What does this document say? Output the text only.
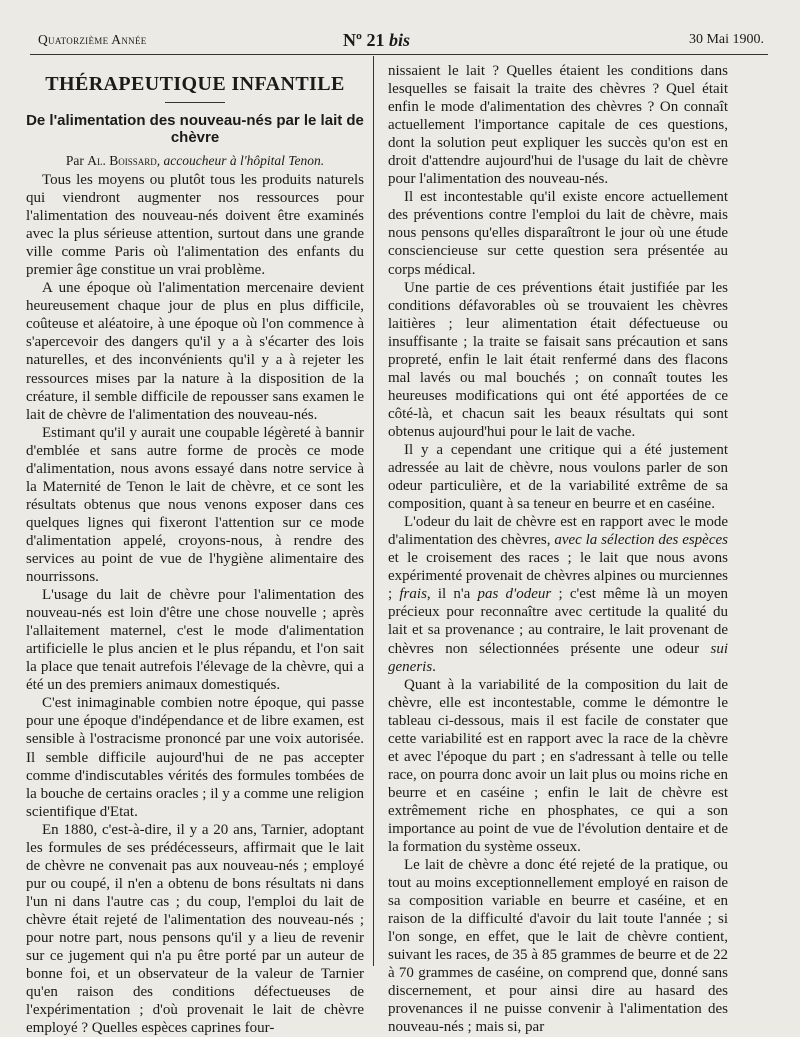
Quatorzième Année	Nº 21 bis	30 Mai 1900.
THÉRAPEUTIQUE INFANTILE
De l'alimentation des nouveau-nés par le lait de chèvre
Par Al. Boissard, accoucheur à l'hôpital Tenon.

Tous les moyens ou plutôt tous les produits naturels qui viendront augmenter nos ressources pour l'alimentation des nouveau-nés doivent être examinés avec la plus sérieuse attention, surtout dans une grande ville comme Paris où l'alimentation des enfants du premier âge constitue un vrai problème.

A une époque où l'alimentation mercenaire devient heureusement chaque jour de plus en plus difficile, coûteuse et aléatoire, à une époque où l'on commence à s'apercevoir des dangers qu'il y a à s'écarter des lois naturelles, et des inconvénients qu'il y a à rejeter les ressources mises par la nature à la disposition de la créature, il semble difficile de repousser sans examen le lait de chèvre de l'alimentation des nouveau-nés.

Estimant qu'il y aurait une coupable légèreté à bannir d'emblée et sans autre forme de procès ce mode d'alimentation, nous avons essayé dans notre service à la Maternité de Tenon le lait de chèvre, et ce sont les résultats obtenus que nous venons exposer dans ces quelques lignes qui fixeront l'attention sur ce mode d'alimentation appelé, croyons-nous, à rendre des services au point de vue de l'hygiène alimentaire des nourrissons.

L'usage du lait de chèvre pour l'alimentation des nouveau-nés est loin d'être une chose nouvelle ; après l'allaitement maternel, c'est le mode d'alimentation artificielle le plus ancien et le plus répandu, et l'on sait la place que tenait autrefois l'élevage de la chèvre, qui a été un des premiers animaux domestiqués.

C'est inimaginable combien notre époque, qui passe pour une époque d'indépendance et de libre examen, est sensible à l'ostracisme prononcé par une voix autorisée. Il semble difficile aujourd'hui de ne pas accepter comme d'indiscutables vérités des formules tombées de la bouche de certains oracles ; il y a comme une religion scientifique d'Etat.

En 1880, c'est-à-dire, il y a 20 ans, Tarnier, adoptant les formules de ses prédécesseurs, affirmait que le lait de chèvre ne convenait pas aux nouveau-nés ; employé pur ou coupé, il n'en a obtenu de bons résultats ni dans l'un ni dans l'autre cas ; du coup, l'emploi du lait de chèvre était rejeté de l'alimentation des nouveau-nés ; pour notre part, nous pensons qu'il y a lieu de revenir sur ce jugement qui n'a pu être porté par un auteur de bonne foi, et un observateur de la valeur de Tarnier qu'en raison des conditions défectueuses de l'expérimentation ; d'où provenait le lait de chèvre employé ? Quelles espèces caprines four-

nissaient le lait ? Quelles étaient les conditions dans lesquelles se faisait la traite des chèvres ? Quel était enfin le mode d'alimentation des chèvres ? On connaît actuellement l'importance capitale de ces questions, dont la solution peut expliquer les succès qu'on est en droit d'attendre aujourd'hui de l'usage du lait de chèvre pour l'alimentation des nouveau-nés.

Il est incontestable qu'il existe encore actuellement des préventions contre l'emploi du lait de chèvre, mais nous pensons qu'elles disparaîtront le jour où une étude consciencieuse sur cette question sera présentée au corps médical.

Une partie de ces préventions était justifiée par les conditions défavorables où se trouvaient les chèvres laitières ; leur alimentation était défectueuse ou insuffisante ; la traite se faisait sans précaution et sans propreté, enfin le lait était renfermé dans des flacons mal lavés ou mal bouchés ; on connaît toutes les heureuses modifications qui ont été apportées de ce côté-là, et chacun sait les beaux résultats qui sont obtenus aujourd'hui pour le lait de vache.

Il y a cependant une critique qui a été justement adressée au lait de chèvre, nous voulons parler de son odeur particulière, et de la variabilité extrême de sa composition, quant à sa teneur en beurre et en caséine.

L'odeur du lait de chèvre est en rapport avec le mode d'alimentation des chèvres, avec la sélection des espèces et le croisement des races ; le lait que nous avons expérimenté provenait de chèvres alpines ou murciennes ; frais, il n'a pas d'odeur ; c'est même là un moyen précieux pour reconnaître avec certitude la qualité du lait et sa provenance ; au contraire, le lait provenant de chèvres non sélectionnées présente une odeur sui generis.

Quant à la variabilité de la composition du lait de chèvre, elle est incontestable, comme le démontre le tableau ci-dessous, mais il est facile de constater que cette variabilité est en rapport avec la race de la chèvre et avec l'époque du part ; en s'adressant à telle ou telle race, on pourra donc avoir un lait plus ou moins riche en beurre et en caséine ; enfin le lait de chèvre est extrêmement riche en phosphates, ce qui a son importance au point de vue de l'évolution dentaire et de la formation du système osseux.

Le lait de chèvre a donc été rejeté de la pratique, ou tout au moins exceptionnellement employé en raison de sa composition variable en beurre et caséine, et en raison de la difficulté d'avoir du lait toute l'année ; si l'on songe, en effet, que le lait de chèvre contient, suivant les races, de 35 à 85 grammes de beurre et de 22 à 70 grammes de caséine, on comprend que, donné sans discernement, et pour ainsi dire au hasard des provenances il ne puisse convenir à l'alimentation des nouveau-nés ; mais si, par
